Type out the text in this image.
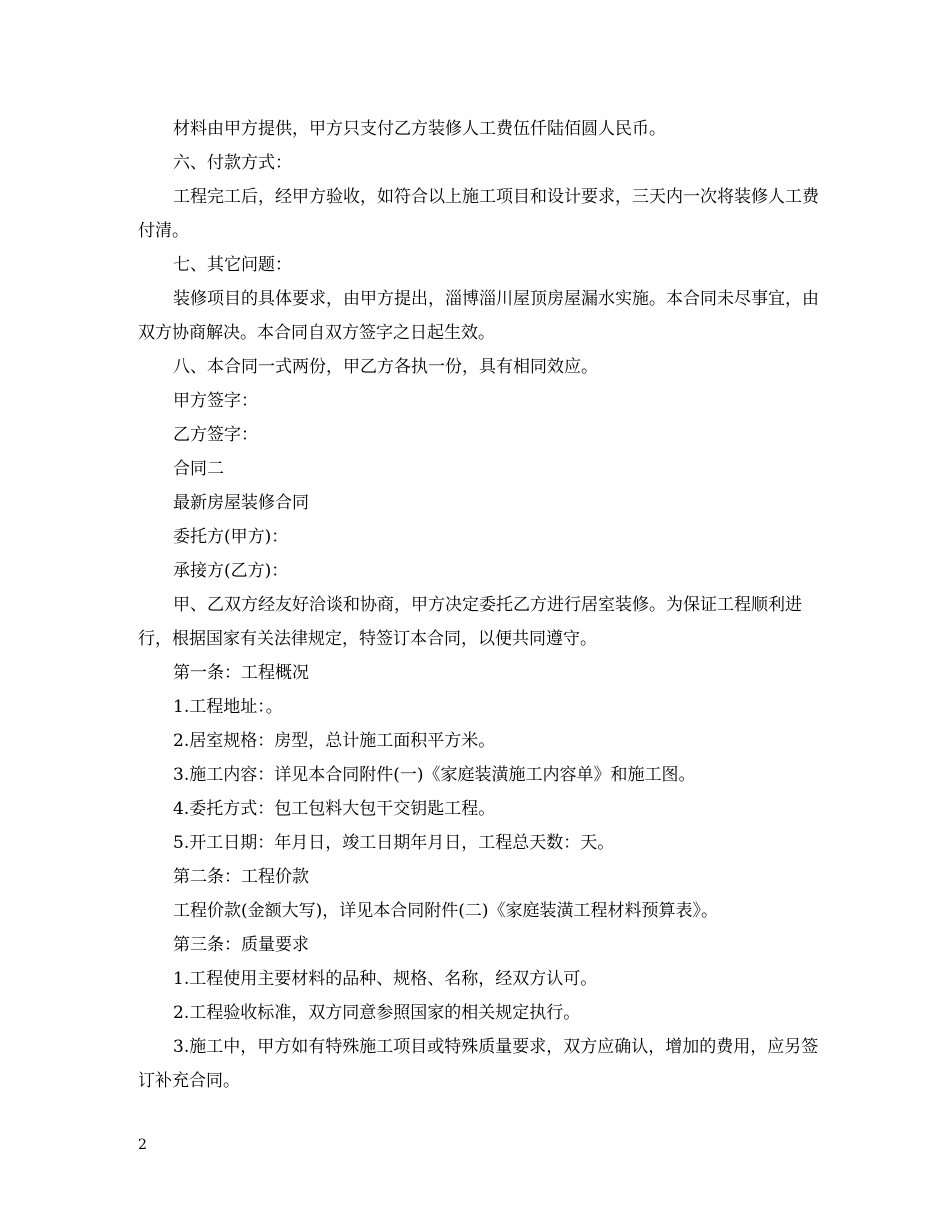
材料由甲方提供，甲方只支付乙方装修人工费伍仟陆佰圆人民币。

六、付款方式：

工程完工后，经甲方验收，如符合以上施工项目和设计要求，三天内一次将装修人工费付清。

七、其它问题：

装修项目的具体要求，由甲方提出，淄博淄川屋顶房屋漏水实施。本合同未尽事宜，由双方协商解决。本合同自双方签字之日起生效。

八、本合同一式两份，甲乙方各执一份，具有相同效应。

甲方签字：

乙方签字：

合同二

最新房屋装修合同

委托方(甲方)：

承接方(乙方)：

甲、乙双方经友好洽谈和协商，甲方决定委托乙方进行居室装修。为保证工程顺利进行，根据国家有关法律规定，特签订本合同，以便共同遵守。

第一条：工程概况

1.工程地址：。

2.居室规格：房型，总计施工面积平方米。

3.施工内容：详见本合同附件(一)《家庭装潢施工内容单》和施工图。

4.委托方式：包工包料大包干交钥匙工程。

5.开工日期：年月日，竣工日期年月日，工程总天数：天。

第二条：工程价款

工程价款(金额大写)，详见本合同附件(二)《家庭装潢工程材料预算表》。

第三条：质量要求

1.工程使用主要材料的品种、规格、名称，经双方认可。

2.工程验收标准，双方同意参照国家的相关规定执行。

3.施工中，甲方如有特殊施工项目或特殊质量要求，双方应确认，增加的费用，应另签订补充合同。

2
